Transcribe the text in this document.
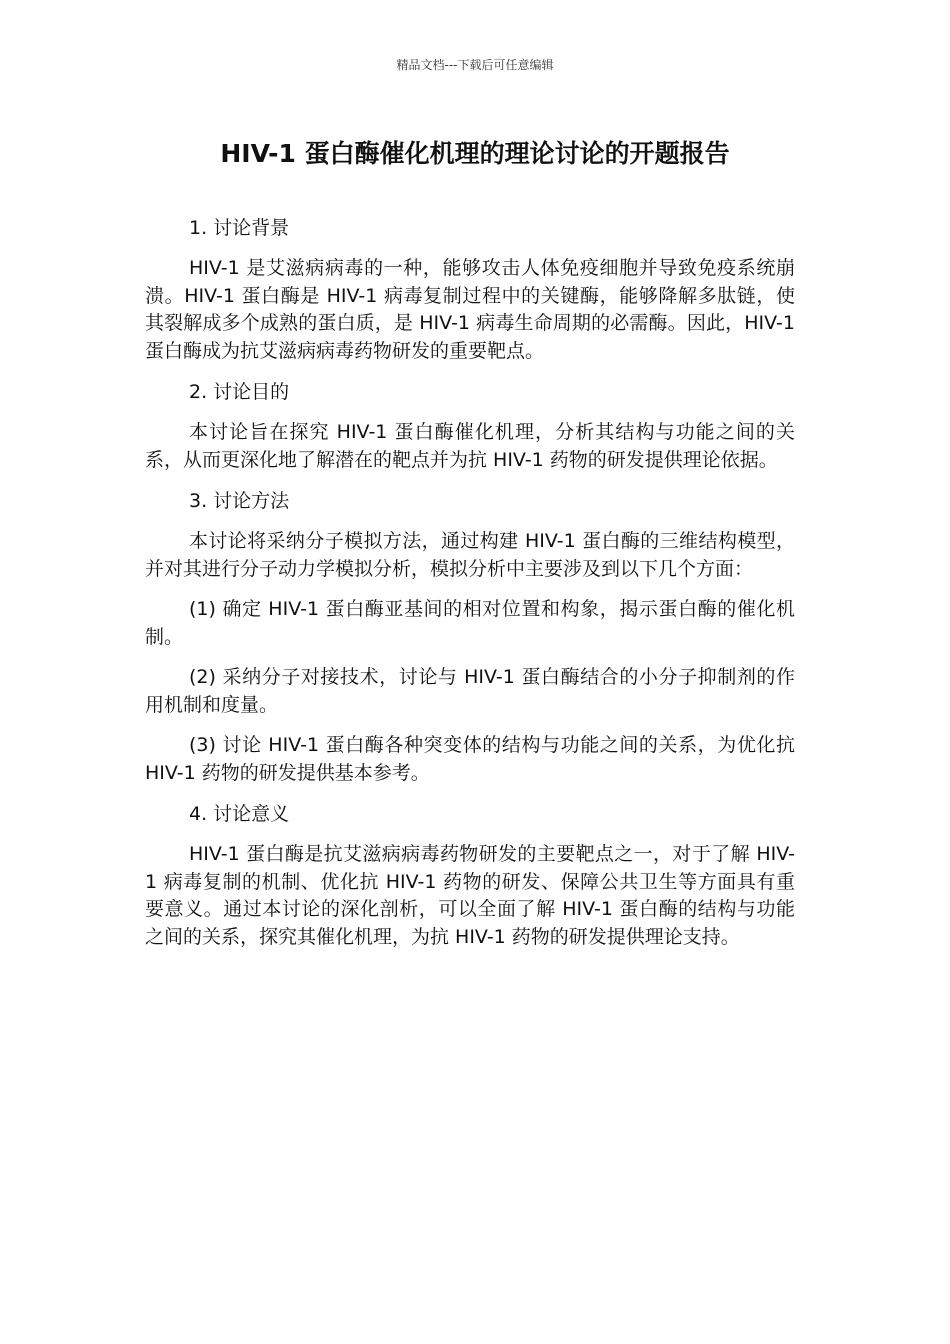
精品文档---下载后可任意编辑
HIV-1 蛋白酶催化机理的理论讨论的开题报告

1. 讨论背景

HIV-1 是艾滋病病毒的一种，能够攻击人体免疫细胞并导致免疫系统崩溃。HIV-1 蛋白酶是 HIV-1 病毒复制过程中的关键酶，能够降解多肽链，使其裂解成多个成熟的蛋白质，是 HIV-1 病毒生命周期的必需酶。因此，HIV-1 蛋白酶成为抗艾滋病病毒药物研发的重要靶点。

2. 讨论目的

本讨论旨在探究 HIV-1 蛋白酶催化机理，分析其结构与功能之间的关系，从而更深化地了解潜在的靶点并为抗 HIV-1 药物的研发提供理论依据。

3. 讨论方法

本讨论将采纳分子模拟方法，通过构建 HIV-1 蛋白酶的三维结构模型，并对其进行分子动力学模拟分析，模拟分析中主要涉及到以下几个方面：

(1) 确定 HIV-1 蛋白酶亚基间的相对位置和构象，揭示蛋白酶的催化机制。

(2) 采纳分子对接技术，讨论与 HIV-1 蛋白酶结合的小分子抑制剂的作用机制和度量。

(3) 讨论 HIV-1 蛋白酶各种突变体的结构与功能之间的关系，为优化抗 HIV-1 药物的研发提供基本参考。

4. 讨论意义

HIV-1 蛋白酶是抗艾滋病病毒药物研发的主要靶点之一，对于了解 HIV-1 病毒复制的机制、优化抗 HIV-1 药物的研发、保障公共卫生等方面具有重要意义。通过本讨论的深化剖析，可以全面了解 HIV-1 蛋白酶的结构与功能之间的关系，探究其催化机理，为抗 HIV-1 药物的研发提供理论支持。
